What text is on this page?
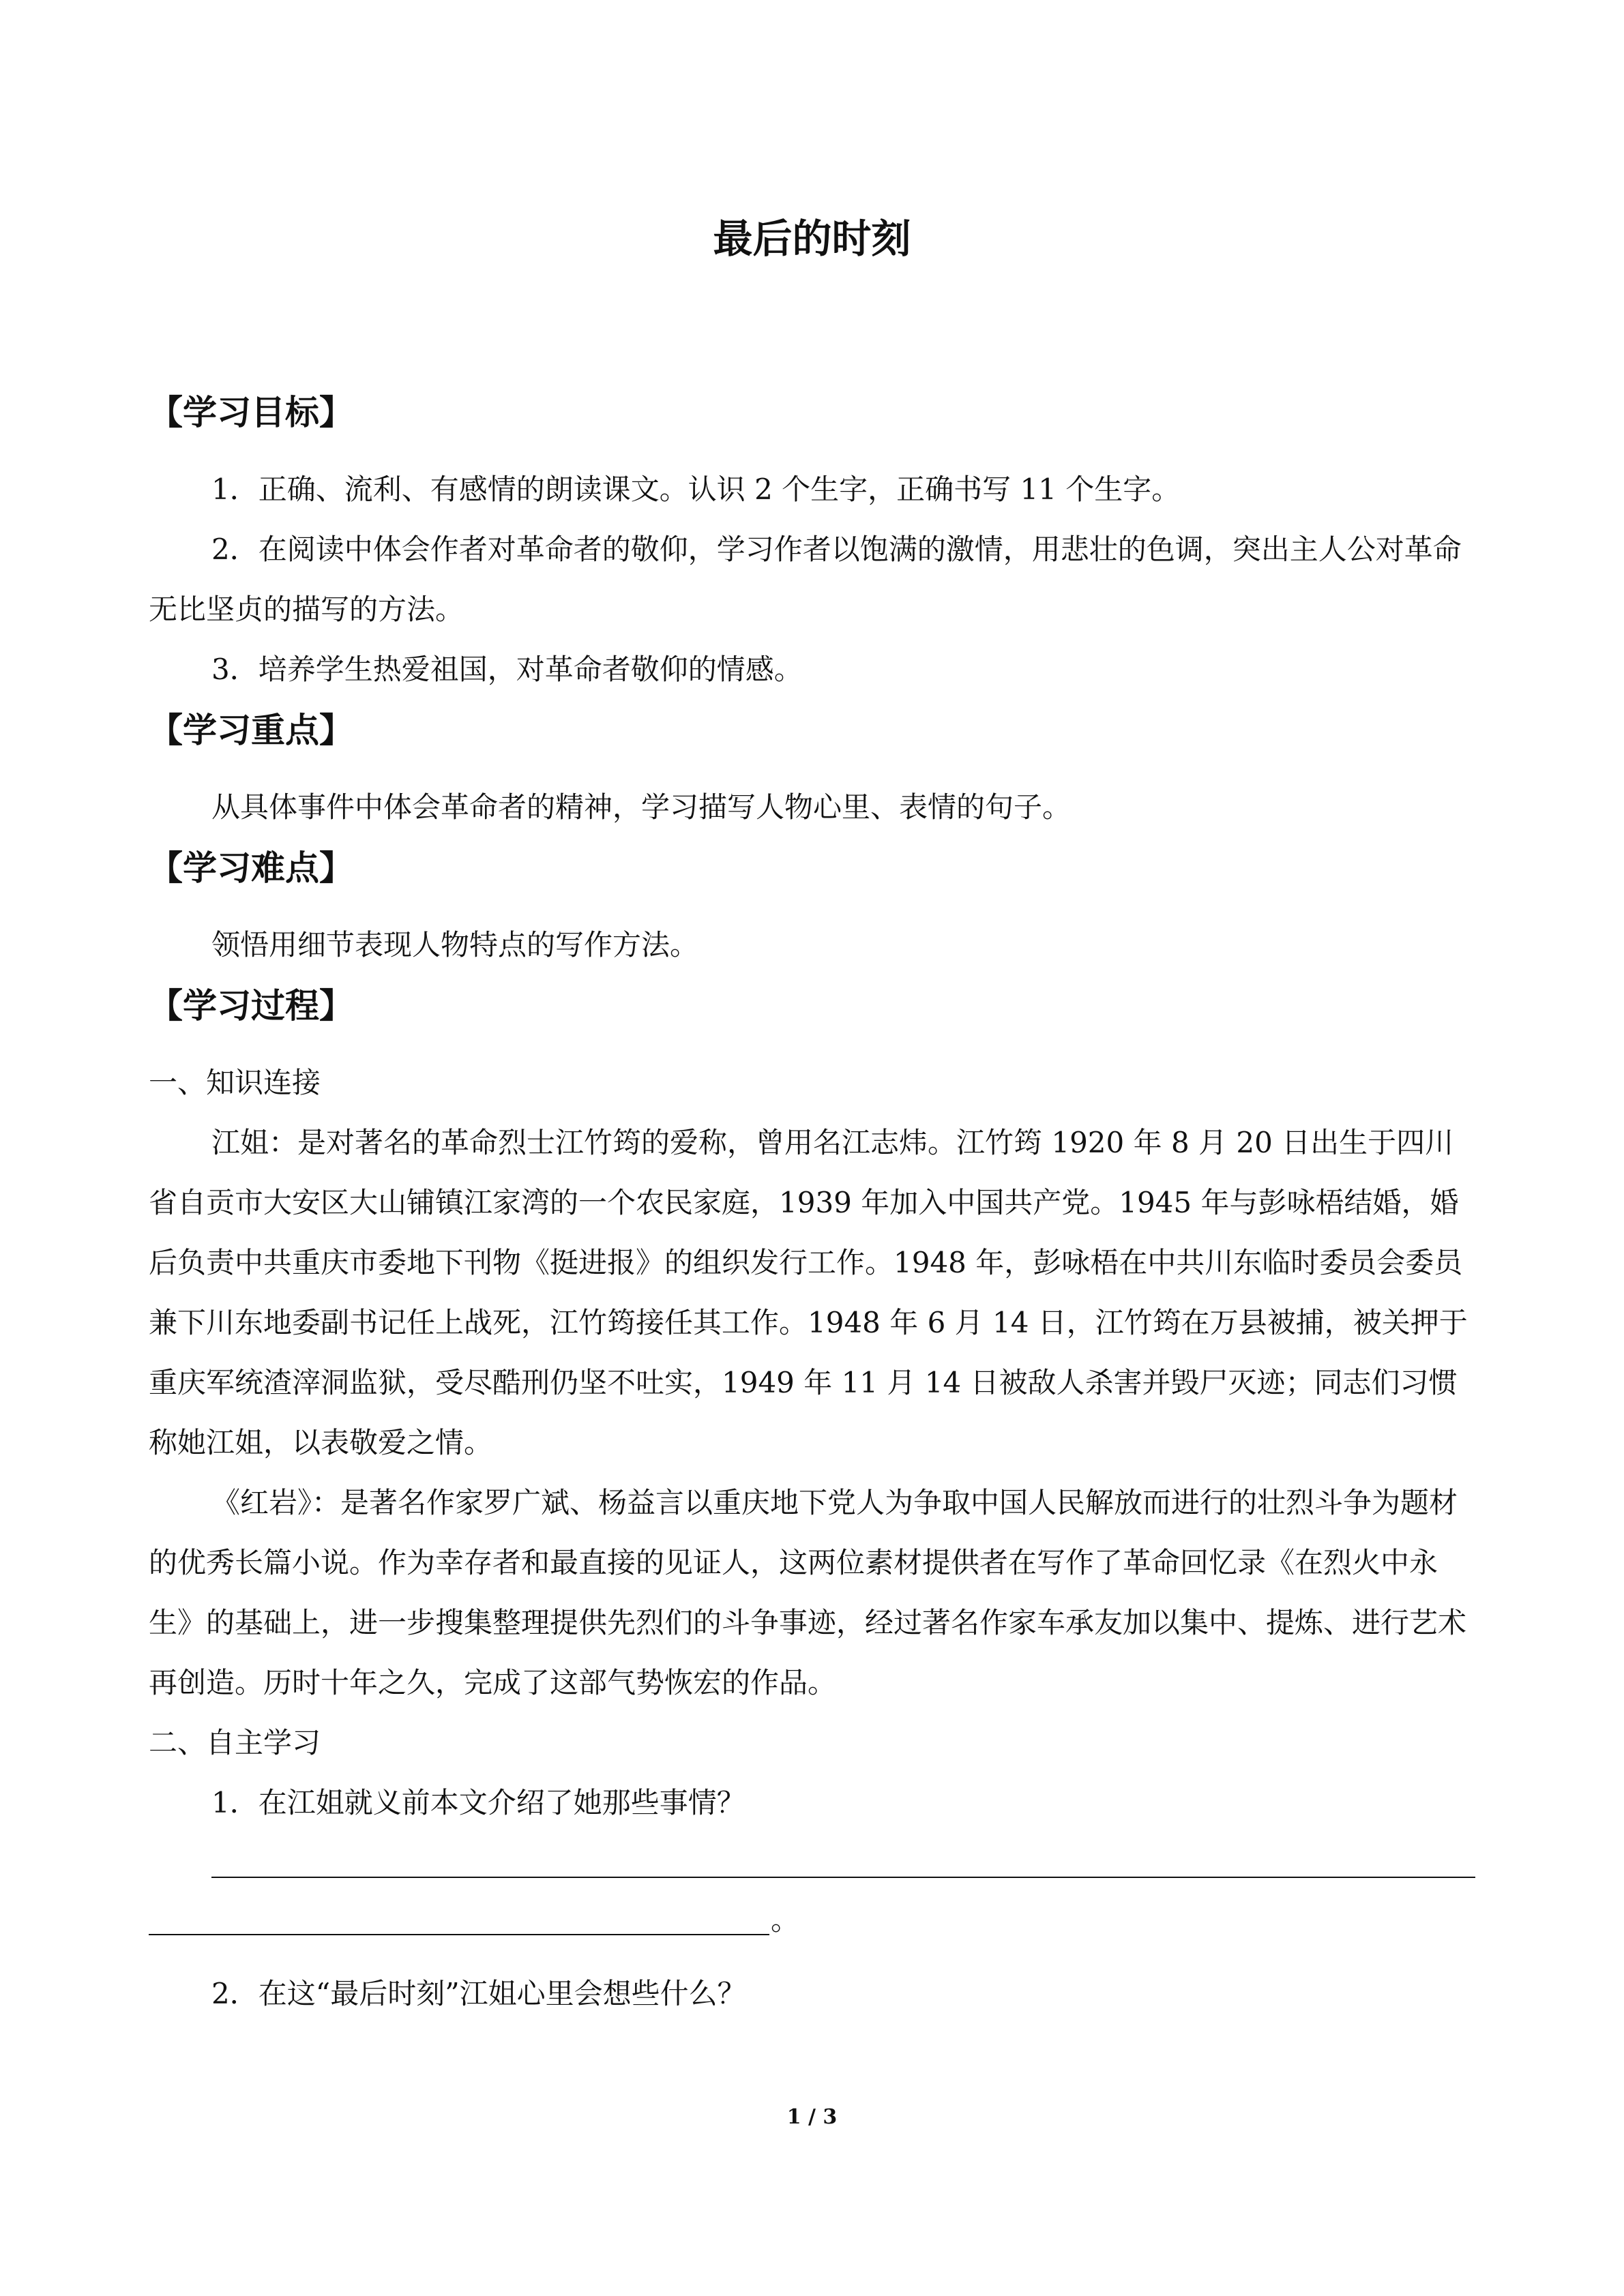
最后的时刻
【学习目标】

1．正确、流利、有感情的朗读课文。认识 2 个生字，正确书写 11 个生字。

2．在阅读中体会作者对革命者的敬仰，学习作者以饱满的激情，用悲壮的色调，突出主人公对革命无比坚贞的描写的方法。

3．培养学生热爱祖国，对革命者敬仰的情感。

【学习重点】

从具体事件中体会革命者的精神，学习描写人物心里、表情的句子。

【学习难点】

领悟用细节表现人物特点的写作方法。

【学习过程】

一、知识连接

江姐：是对著名的革命烈士江竹筠的爱称，曾用名江志炜。江竹筠 1920 年 8 月 20 日出生于四川省自贡市大安区大山铺镇江家湾的一个农民家庭，1939 年加入中国共产党。1945 年与彭咏梧结婚，婚后负责中共重庆市委地下刊物《挺进报》的组织发行工作。1948 年，彭咏梧在中共川东临时委员会委员兼下川东地委副书记任上战死，江竹筠接任其工作。1948 年 6 月 14 日，江竹筠在万县被捕，被关押于重庆军统渣滓洞监狱，受尽酷刑仍坚不吐实，1949 年 11 月 14 日被敌人杀害并毁尸灭迹；同志们习惯称她江姐，以表敬爱之情。

《红岩》：是著名作家罗广斌、杨益言以重庆地下党人为争取中国人民解放而进行的壮烈斗争为题材的优秀长篇小说。作为幸存者和最直接的见证人，这两位素材提供者在写作了革命回忆录《在烈火中永生》的基础上，进一步搜集整理提供先烈们的斗争事迹，经过著名作家车承友加以集中、提炼、进行艺术再创造。历时十年之久，完成了这部气势恢宏的作品。

二、自主学习

1．在江姐就义前本文介绍了她那些事情？

。

2．在这“最后时刻”江姐心里会想些什么？

1 / 3
